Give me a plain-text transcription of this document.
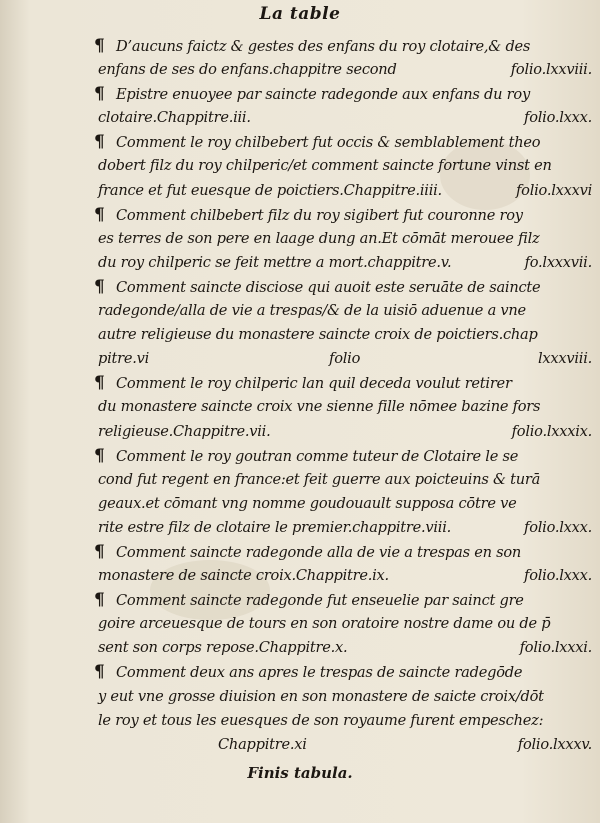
La table
¶ D’aucuns faictz & gestes des enfans du roy clotaire,& des
enfans de ses do enfans.chappitre second	folio.lxxviii.
¶ Epistre enuoyee par saincte radegonde aux enfans du roy
clotaire.Chappitre.iii.	folio.lxxx.
¶ Comment le roy chilbebert fut occis & semblablement theo
dobert filz du roy chilperic/et comment saincte fortune vinst en
france et fut euesque de poictiers.Chappitre.iiii.	folio.lxxxvi
¶ Comment chilbebert filz du roy sigibert fut couronne roy
es terres de son pere en laage dung an.Et cōmāt merouee filz
du roy chilperic se feit mettre a mort.chappitre.v.	fo.lxxxvii.
¶ Comment saincte disciose qui auoit este seruāte de saincte
radegonde/alla de vie a trespas/& de la uisiō aduenue a vne
autre religieuse du monastere saincte croix de poictiers.chap
pitre.vi	folio	lxxxviii.
¶ Comment le roy chilperic lan quil deceda voulut retirer
du monastere saincte croix vne sienne fille nōmee bazine fors
religieuse.Chappitre.vii.	folio.lxxxix.
¶ Comment le roy goutran comme tuteur de Clotaire le se
cond fut regent en france:et feit guerre aux poicteuins & turā
geaux.et cōmant vng nomme goudouault supposa cōtre ve
rite estre filz de clotaire le premier.chappitre.viii.	folio.lxxx.
¶ Comment saincte radegonde alla de vie a trespas en son
monastere de saincte croix.Chappitre.ix.	folio.lxxx.
¶ Comment saincte radegonde fut enseuelie par sainct gre
goire arceuesque de tours en son oratoire nostre dame ou de p̄
sent son corps repose.Chappitre.x.	folio.lxxxi.
¶ Comment deux ans apres le trespas de saincte radegōde
y eut vne grosse diuision en son monastere de saicte croix/dōt
le roy et tous les euesques de son royaume furent empeschez:
Chappitre.xi	folio.lxxxv.
Finis tabula.
